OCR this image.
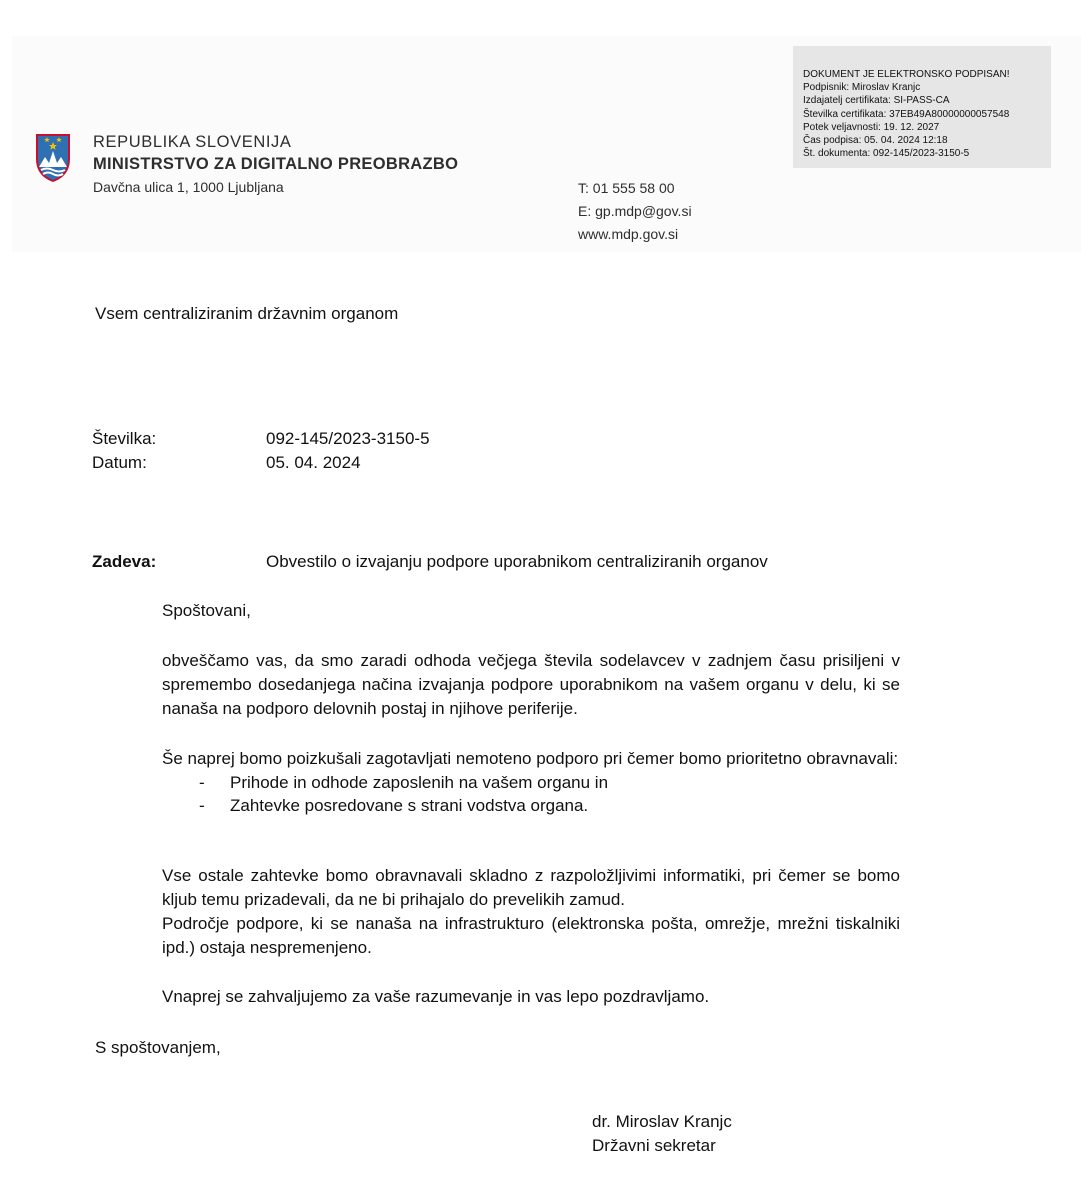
DOKUMENT JE ELEKTRONSKO PODPISAN!
Podpisnik: Miroslav Kranjc
Izdajatelj certifikata: SI-PASS-CA
Številka certifikata: 37EB49A80000000057548
Potek veljavnosti: 19. 12. 2027
Čas podpisa: 05. 04. 2024 12:18
Št. dokumenta: 092-145/2023-3150-5
REPUBLIKA SLOVENIJA
MINISTRSTVO ZA DIGITALNO PREOBRAZBO
Davčna ulica 1, 1000 Ljubljana	T: 01 555 58 00
E: gp.mdp@gov.si
www.mdp.gov.si
Vsem centraliziranim državnim organom
Številka:	092-145/2023-3150-5
Datum:	05. 04. 2024
Zadeva:	Obvestilo o izvajanju podpore uporabnikom centraliziranih organov
Spoštovani,

obveščamo vas, da smo zaradi odhoda večjega števila sodelavcev v zadnjem času prisiljeni v spremembo dosedanjega načina izvajanja podpore uporabnikom na vašem organu v delu, ki se nanaša na podporo delovnih postaj in njihove periferije.

Še naprej bomo poizkušali zagotavljati nemoteno podporo pri čemer bomo prioritetno obravnavali:

- Prihode in odhode zaposlenih na vašem organu in
- Zahtevke posredovane s strani vodstva organa.

Vse ostale zahtevke bomo obravnavali skladno z razpoložljivimi informatiki, pri čemer se bomo kljub temu prizadevali, da ne bi prihajalo do prevelikih zamud.

Področje podpore, ki se nanaša na infrastrukturo (elektronska pošta, omrežje, mrežni tiskalniki ipd.) ostaja nespremenjeno.

Vnaprej se zahvaljujemo za vaše razumevanje in vas lepo pozdravljamo.
S spoštovanjem,
dr. Miroslav Kranjc
Državni sekretar
